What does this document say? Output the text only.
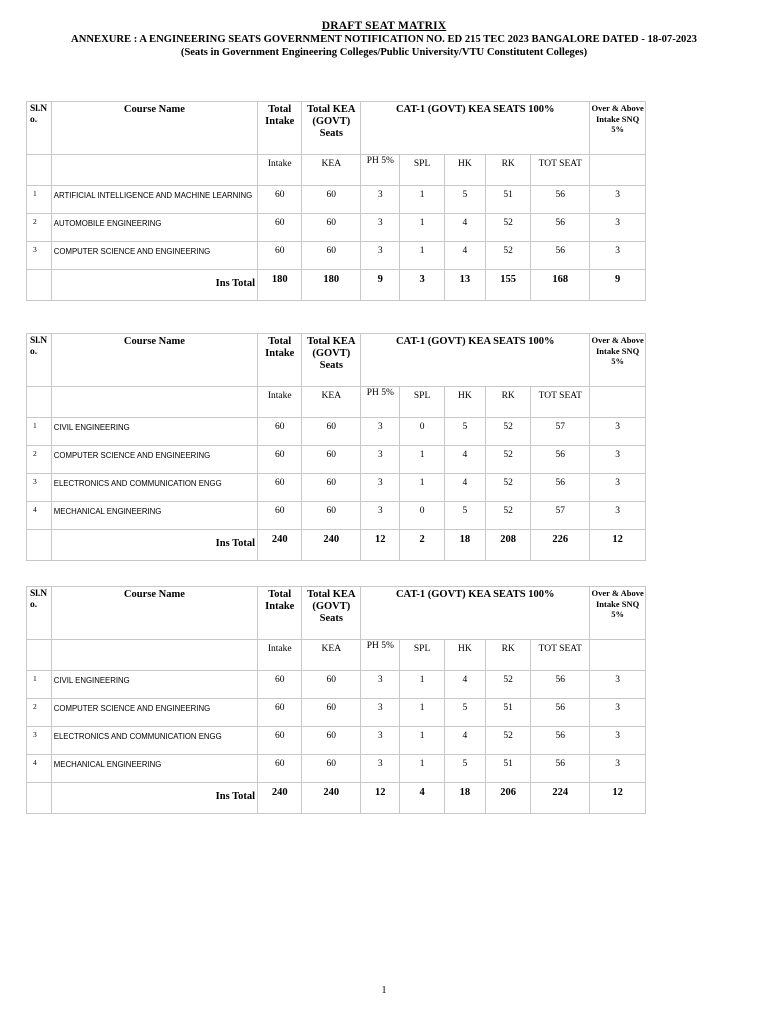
DRAFT SEAT MATRIX
ANNEXURE : A ENGINEERING SEATS GOVERNMENT NOTIFICATION NO. ED 215 TEC 2023 BANGALORE DATED - 18-07-2023
(Seats in Government Engineering Colleges/Public University/VTU Constitutent Colleges)
Sl.N o.	Course Name	Total Intake	Total KEA (GOVT) Seats	CAT-1 (GOVT) KEA SEATS 100%					Over & Above Intake SNQ 5%
		Intake	KEA	PH 5%	SPL	HK	RK	TOT SEAT	
1	ARTIFICIAL INTELLIGENCE AND MACHINE LEARNING	60	60	3	1	5	51	56	3
2	AUTOMOBILE ENGINEERING	60	60	3	1	4	52	56	3
3	COMPUTER SCIENCE AND ENGINEERING	60	60	3	1	4	52	56	3
	Ins Total	180	180	9	3	13	155	168	9
Sl.N o.	Course Name	Total Intake	Total KEA (GOVT) Seats	CAT-1 (GOVT) KEA SEATS 100%					Over & Above Intake SNQ 5%
		Intake	KEA	PH 5%	SPL	HK	RK	TOT SEAT	
1	CIVIL ENGINEERING	60	60	3	0	5	52	57	3
2	COMPUTER SCIENCE AND ENGINEERING	60	60	3	1	4	52	56	3
3	ELECTRONICS AND COMMUNICATION ENGG	60	60	3	1	4	52	56	3
4	MECHANICAL ENGINEERING	60	60	3	0	5	52	57	3
	Ins Total	240	240	12	2	18	208	226	12
Sl.N o.	Course Name	Total Intake	Total KEA (GOVT) Seats	CAT-1 (GOVT) KEA SEATS 100%					Over & Above Intake SNQ 5%
		Intake	KEA	PH 5%	SPL	HK	RK	TOT SEAT	
1	CIVIL ENGINEERING	60	60	3	1	4	52	56	3
2	COMPUTER SCIENCE AND ENGINEERING	60	60	3	1	5	51	56	3
3	ELECTRONICS AND COMMUNICATION ENGG	60	60	3	1	4	52	56	3
4	MECHANICAL ENGINEERING	60	60	3	1	5	51	56	3
	Ins Total	240	240	12	4	18	206	224	12
1
